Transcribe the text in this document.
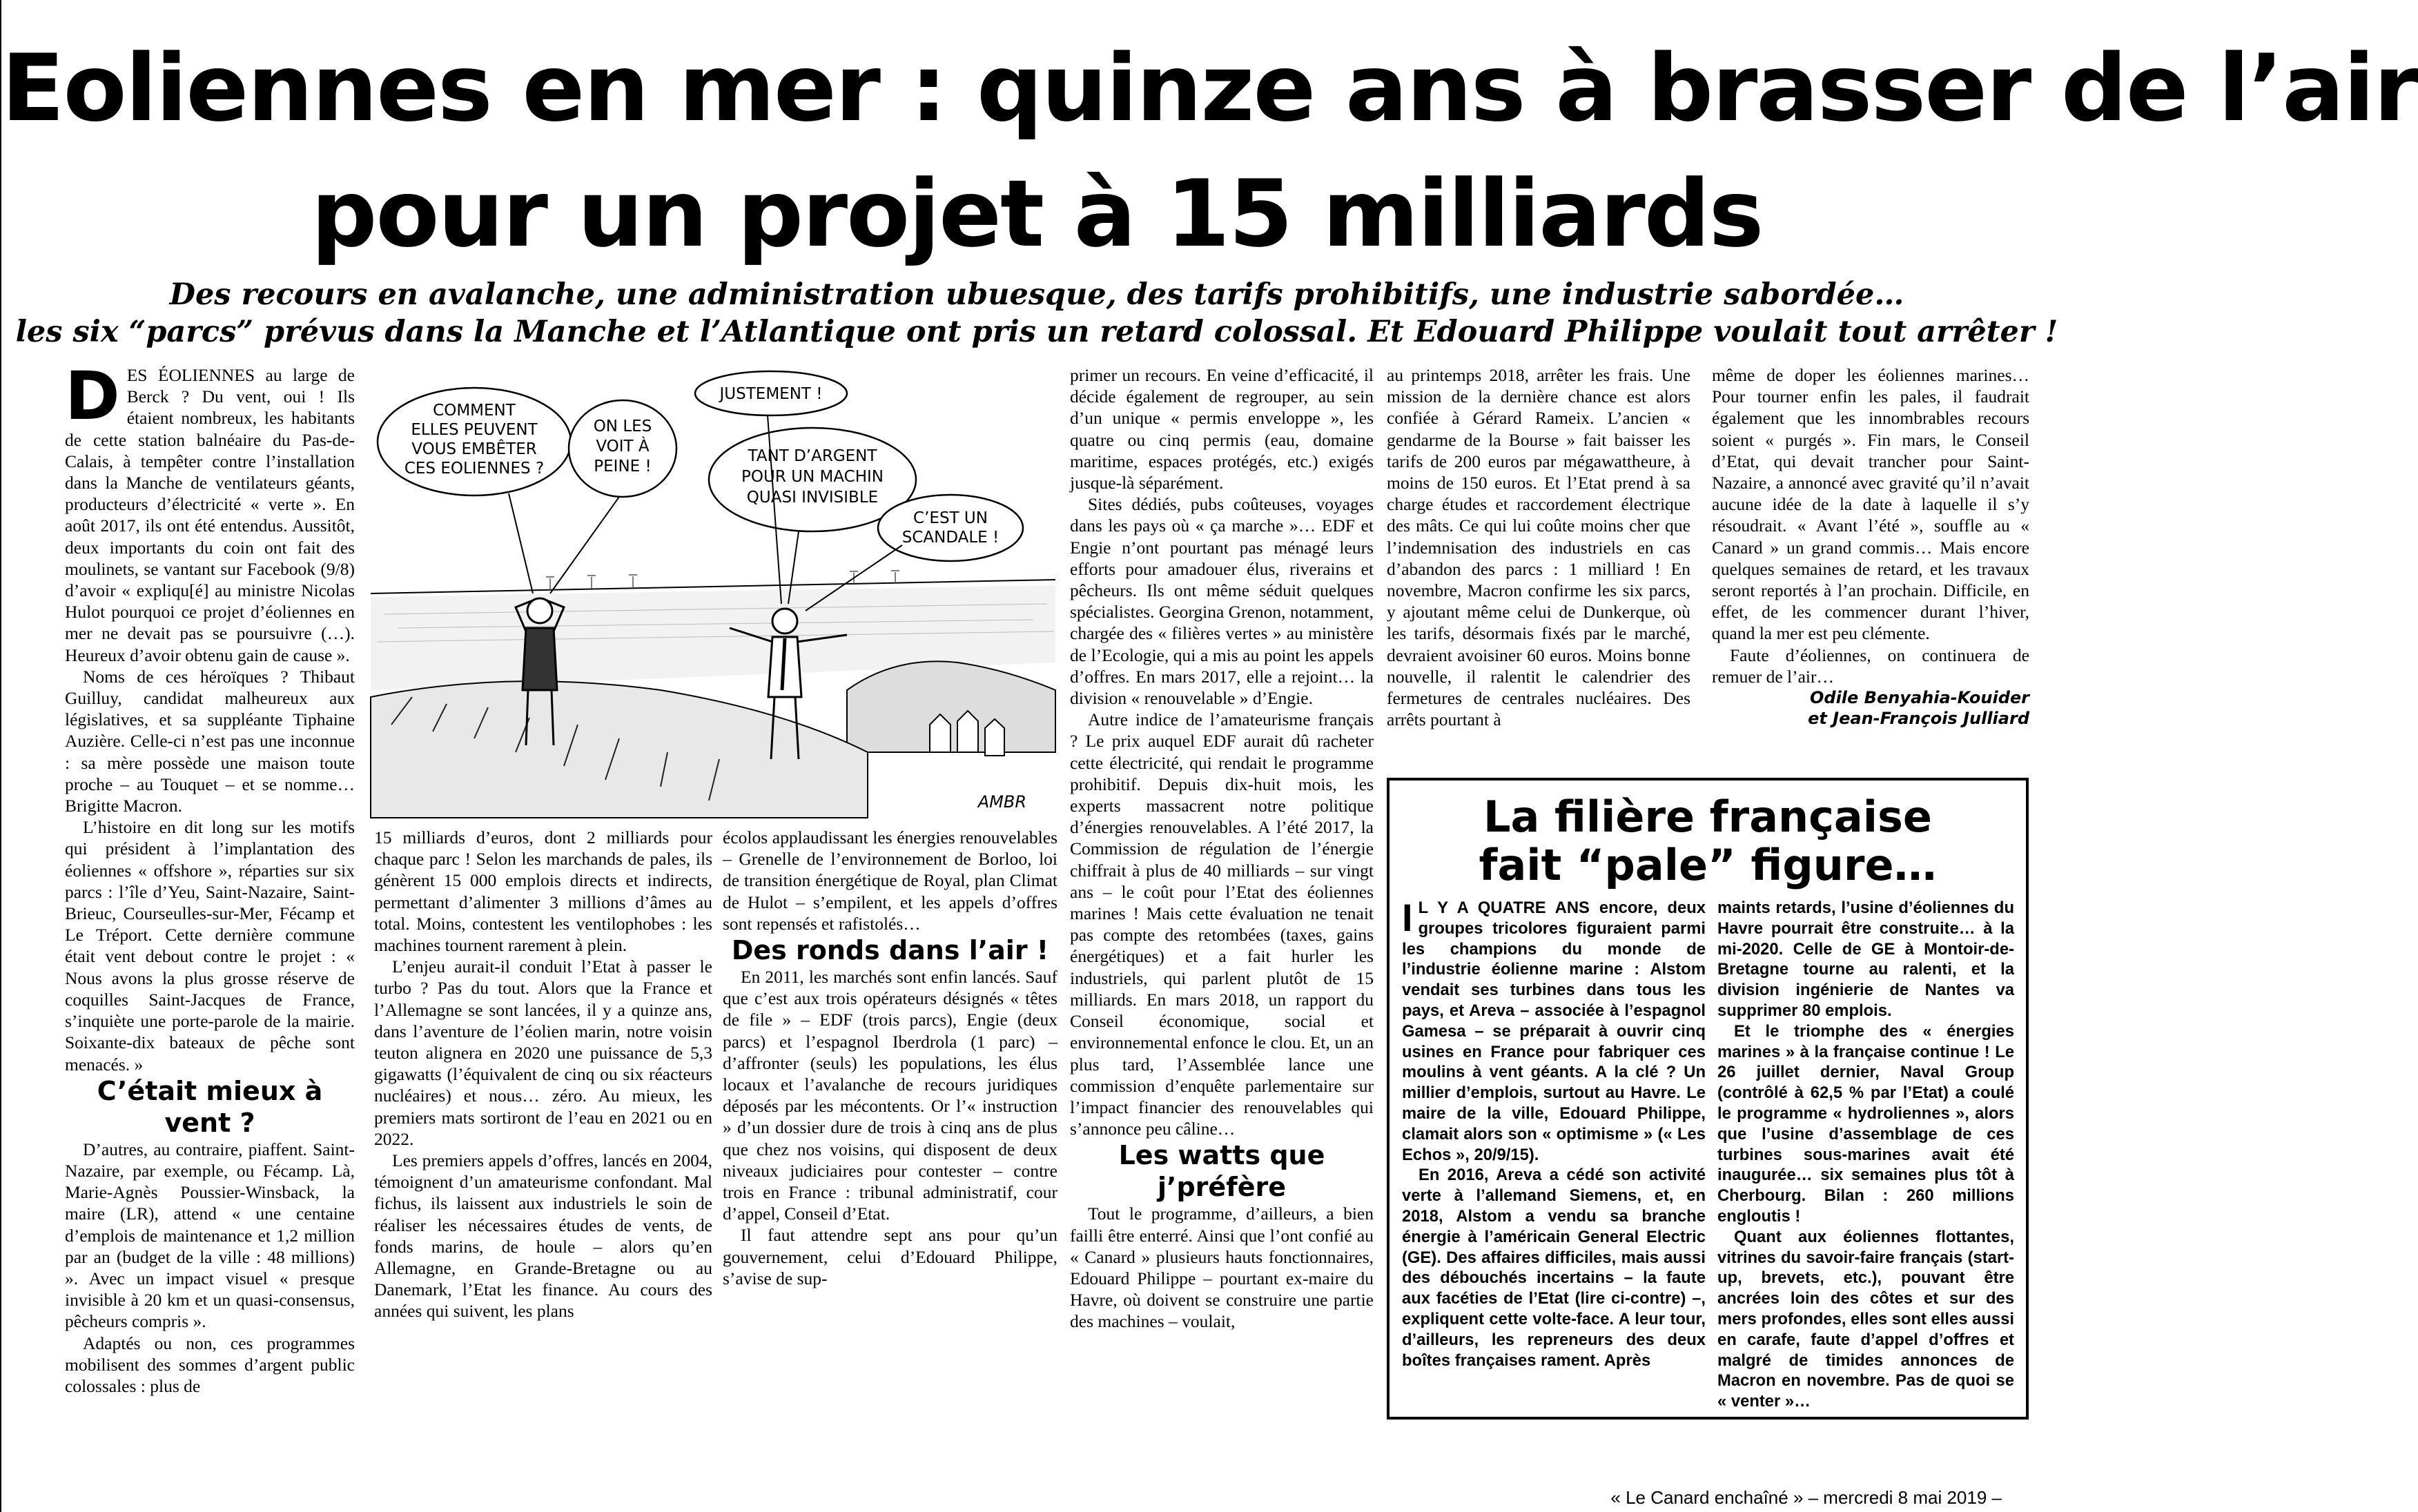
Eoliennes en mer : quinze ans à brasser de l’air
pour un projet à 15 milliards
Des recours en avalanche, une administration ubuesque, des tarifs prohibitifs, une industrie sabordée…
les six “parcs” prévus dans la Manche et l’Atlantique ont pris un retard colossal. Et Edouard Philippe voulait tout arrêter !

DES ÉOLIENNES au large de Berck ? Du vent, oui ! Ils étaient nombreux, les habitants de cette station balnéaire du Pas-de-Calais, à tempêter contre l’installation dans la Manche de ventilateurs géants, producteurs d’électricité « verte ». En août 2017, ils ont été entendus. Aussitôt, deux importants du coin ont fait des moulinets, se vantant sur Facebook (9/8) d’avoir « expliqu[é] au ministre Nicolas Hulot pourquoi ce projet d’éoliennes en mer ne devait pas se poursuivre (…). Heureux d’avoir obtenu gain de cause ».

Noms de ces héroïques ? Thibaut Guilluy, candidat malheureux aux législatives, et sa suppléante Tiphaine Auzière. Celle-ci n’est pas une inconnue : sa mère possède une maison toute proche – au Touquet – et se nomme… Brigitte Macron.

L’histoire en dit long sur les motifs qui président à l’implantation des éoliennes « offshore », réparties sur six parcs : l’île d’Yeu, Saint-Nazaire, Saint-Brieuc, Courseulles-sur-Mer, Fécamp et Le Tréport. Cette dernière commune était vent debout contre le projet : « Nous avons la plus grosse réserve de coquilles Saint-Jacques de France, s’inquiète une porte-parole de la mairie. Soixante-dix bateaux de pêche sont menacés. »

C’était mieux à vent ?

D’autres, au contraire, piaffent. Saint-Nazaire, par exemple, ou Fécamp. Là, Marie-Agnès Poussier-Winsback, la maire (LR), attend « une centaine d’emplois de maintenance et 1,2 million par an (budget de la ville : 48 millions) ». Avec un impact visuel « presque invisible à 20 km et un quasi-consensus, pêcheurs compris ».

Adaptés ou non, ces programmes mobilisent des sommes d’argent public colossales : plus de

COMMENT
ELLES PEUVENT
VOUS EMBÊTER
CES EOLIENNES ?
ON LES
VOIT À
PEINE !
JUSTEMENT !
TANT D’ARGENT
POUR UN MACHIN
QUASI INVISIBLE
C’EST UN
SCANDALE !
AMBR

15 milliards d’euros, dont 2 milliards pour chaque parc ! Selon les marchands de pales, ils génèrent 15 000 emplois directs et indirects, permettant d’alimenter 3 millions d’âmes au total. Moins, contestent les ventilophobes : les machines tournent rarement à plein.

L’enjeu aurait-il conduit l’Etat à passer le turbo ? Pas du tout. Alors que la France et l’Allemagne se sont lancées, il y a quinze ans, dans l’aventure de l’éolien marin, notre voisin teuton alignera en 2020 une puissance de 5,3 gigawatts (l’équivalent de cinq ou six réacteurs nucléaires) et nous… zéro. Au mieux, les premiers mats sortiront de l’eau en 2021 ou en 2022.

Les premiers appels d’offres, lancés en 2004, témoignent d’un amateurisme confondant. Mal fichus, ils laissent aux industriels le soin de réaliser les nécessaires études de vents, de fonds marins, de houle – alors qu’en Allemagne, en Grande-Bretagne ou au Danemark, l’Etat les finance. Au cours des années qui suivent, les plans

écolos applaudissant les énergies renouvelables – Grenelle de l’environnement de Borloo, loi de transition énergétique de Royal, plan Climat de Hulot – s’empilent, et les appels d’offres sont repensés et rafistolés…

Des ronds dans l’air !

En 2011, les marchés sont enfin lancés. Sauf que c’est aux trois opérateurs désignés « têtes de file » – EDF (trois parcs), Engie (deux parcs) et l’espagnol Iberdrola (1 parc) – d’affronter (seuls) les populations, les élus locaux et l’avalanche de recours juridiques déposés par les mécontents. Or l’« instruction » d’un dossier dure de trois à cinq ans de plus que chez nos voisins, qui disposent de deux niveaux judiciaires pour contester – contre trois en France : tribunal administratif, cour d’appel, Conseil d’Etat.

Il faut attendre sept ans pour qu’un gouvernement, celui d’Edouard Philippe, s’avise de sup-

primer un recours. En veine d’efficacité, il décide également de regrouper, au sein d’un unique « permis enveloppe », les quatre ou cinq permis (eau, domaine maritime, espaces protégés, etc.) exigés jusque-là séparément.

Sites dédiés, pubs coûteuses, voyages dans les pays où « ça marche »… EDF et Engie n’ont pourtant pas ménagé leurs efforts pour amadouer élus, riverains et pêcheurs. Ils ont même séduit quelques spécialistes. Georgina Grenon, notamment, chargée des « filières vertes » au ministère de l’Ecologie, qui a mis au point les appels d’offres. En mars 2017, elle a rejoint… la division « renouvelable » d’Engie.

Autre indice de l’amateurisme français ? Le prix auquel EDF aurait dû racheter cette électricité, qui rendait le programme prohibitif. Depuis dix-huit mois, les experts massacrent notre politique d’énergies renouvelables. A l’été 2017, la Commission de régulation de l’énergie chiffrait à plus de 40 milliards – sur vingt ans – le coût pour l’Etat des éoliennes marines ! Mais cette évaluation ne tenait pas compte des retombées (taxes, gains énergétiques) et a fait hurler les industriels, qui parlent plutôt de 15 milliards. En mars 2018, un rapport du Conseil économique, social et environnemental enfonce le clou. Et, un an plus tard, l’Assemblée lance une commission d’enquête parlementaire sur l’impact financier des renouvelables qui s’annonce peu câline…

Les watts que j’préfère

Tout le programme, d’ailleurs, a bien failli être enterré. Ainsi que l’ont confié au « Canard » plusieurs hauts fonctionnaires, Edouard Philippe – pourtant ex-maire du Havre, où doivent se construire une partie des machines – voulait,

au printemps 2018, arrêter les frais. Une mission de la dernière chance est alors confiée à Gérard Rameix. L’ancien « gendarme de la Bourse » fait baisser les tarifs de 200 euros par mégawattheure, à moins de 150 euros. Et l’Etat prend à sa charge études et raccordement électrique des mâts. Ce qui lui coûte moins cher que l’indemnisation des industriels en cas d’abandon des parcs : 1 milliard ! En novembre, Macron confirme les six parcs, y ajoutant même celui de Dunkerque, où les tarifs, désormais fixés par le marché, devraient avoisiner 60 euros. Moins bonne nouvelle, il ralentit le calendrier des fermetures de centrales nucléaires. Des arrêts pourtant à

même de doper les éoliennes marines… Pour tourner enfin les pales, il faudrait également que les innombrables recours soient « purgés ». Fin mars, le Conseil d’Etat, qui devait trancher pour Saint-Nazaire, a annoncé avec gravité qu’il n’avait aucune idée de la date à laquelle il s’y résoudrait. « Avant l’été », souffle au « Canard » un grand commis… Mais encore quelques semaines de retard, et les travaux seront reportés à l’an prochain. Difficile, en effet, de les commencer durant l’hiver, quand la mer est peu clémente.

Faute d’éoliennes, on continuera de remuer de l’air…

Odile Benyahia-Kouider
et Jean-François Julliard
La filière française
fait “pale” figure…

I L Y A QUATRE ANS encore, deux groupes tricolores figuraient parmi les champions du monde de l’industrie éolienne marine : Alstom vendait ses turbines dans tous les pays, et Areva – associée à l’espagnol Gamesa – se préparait à ouvrir cinq usines en France pour fabriquer ces moulins à vent géants. A la clé ? Un millier d’emplois, surtout au Havre. Le maire de la ville, Edouard Philippe, clamait alors son « optimisme » (« Les Echos », 20/9/15).

En 2016, Areva a cédé son activité verte à l’allemand Siemens, et, en 2018, Alstom a vendu sa branche énergie à l’américain General Electric (GE). Des affaires difficiles, mais aussi des débouchés incertains – la faute aux facéties de l’Etat (lire ci-contre) –, expliquent cette volte-face. A leur tour, d’ailleurs, les repreneurs des deux boîtes françaises rament. Après

maints retards, l’usine d’éoliennes du Havre pourrait être construite… à la mi-2020. Celle de GE à Montoir-de-Bretagne tourne au ralenti, et la division ingénierie de Nantes va supprimer 80 emplois.

Et le triomphe des « énergies marines » à la française continue ! Le 26 juillet dernier, Naval Group (contrôlé à 62,5 % par l’Etat) a coulé le programme « hydroliennes », alors que l’usine d’assemblage de ces turbines sous-marines avait été inaugurée… six semaines plus tôt à Cherbourg. Bilan : 260 millions engloutis !

Quant aux éoliennes flottantes, vitrines du savoir-faire français (start-up, brevets, etc.), pouvant être ancrées loin des côtes et sur des mers profondes, elles sont elles aussi en carafe, faute d’appel d’offres et malgré de timides annonces de Macron en novembre. Pas de quoi se « venter »…

« Le Canard enchaîné » – mercredi 8 mai 2019 –
